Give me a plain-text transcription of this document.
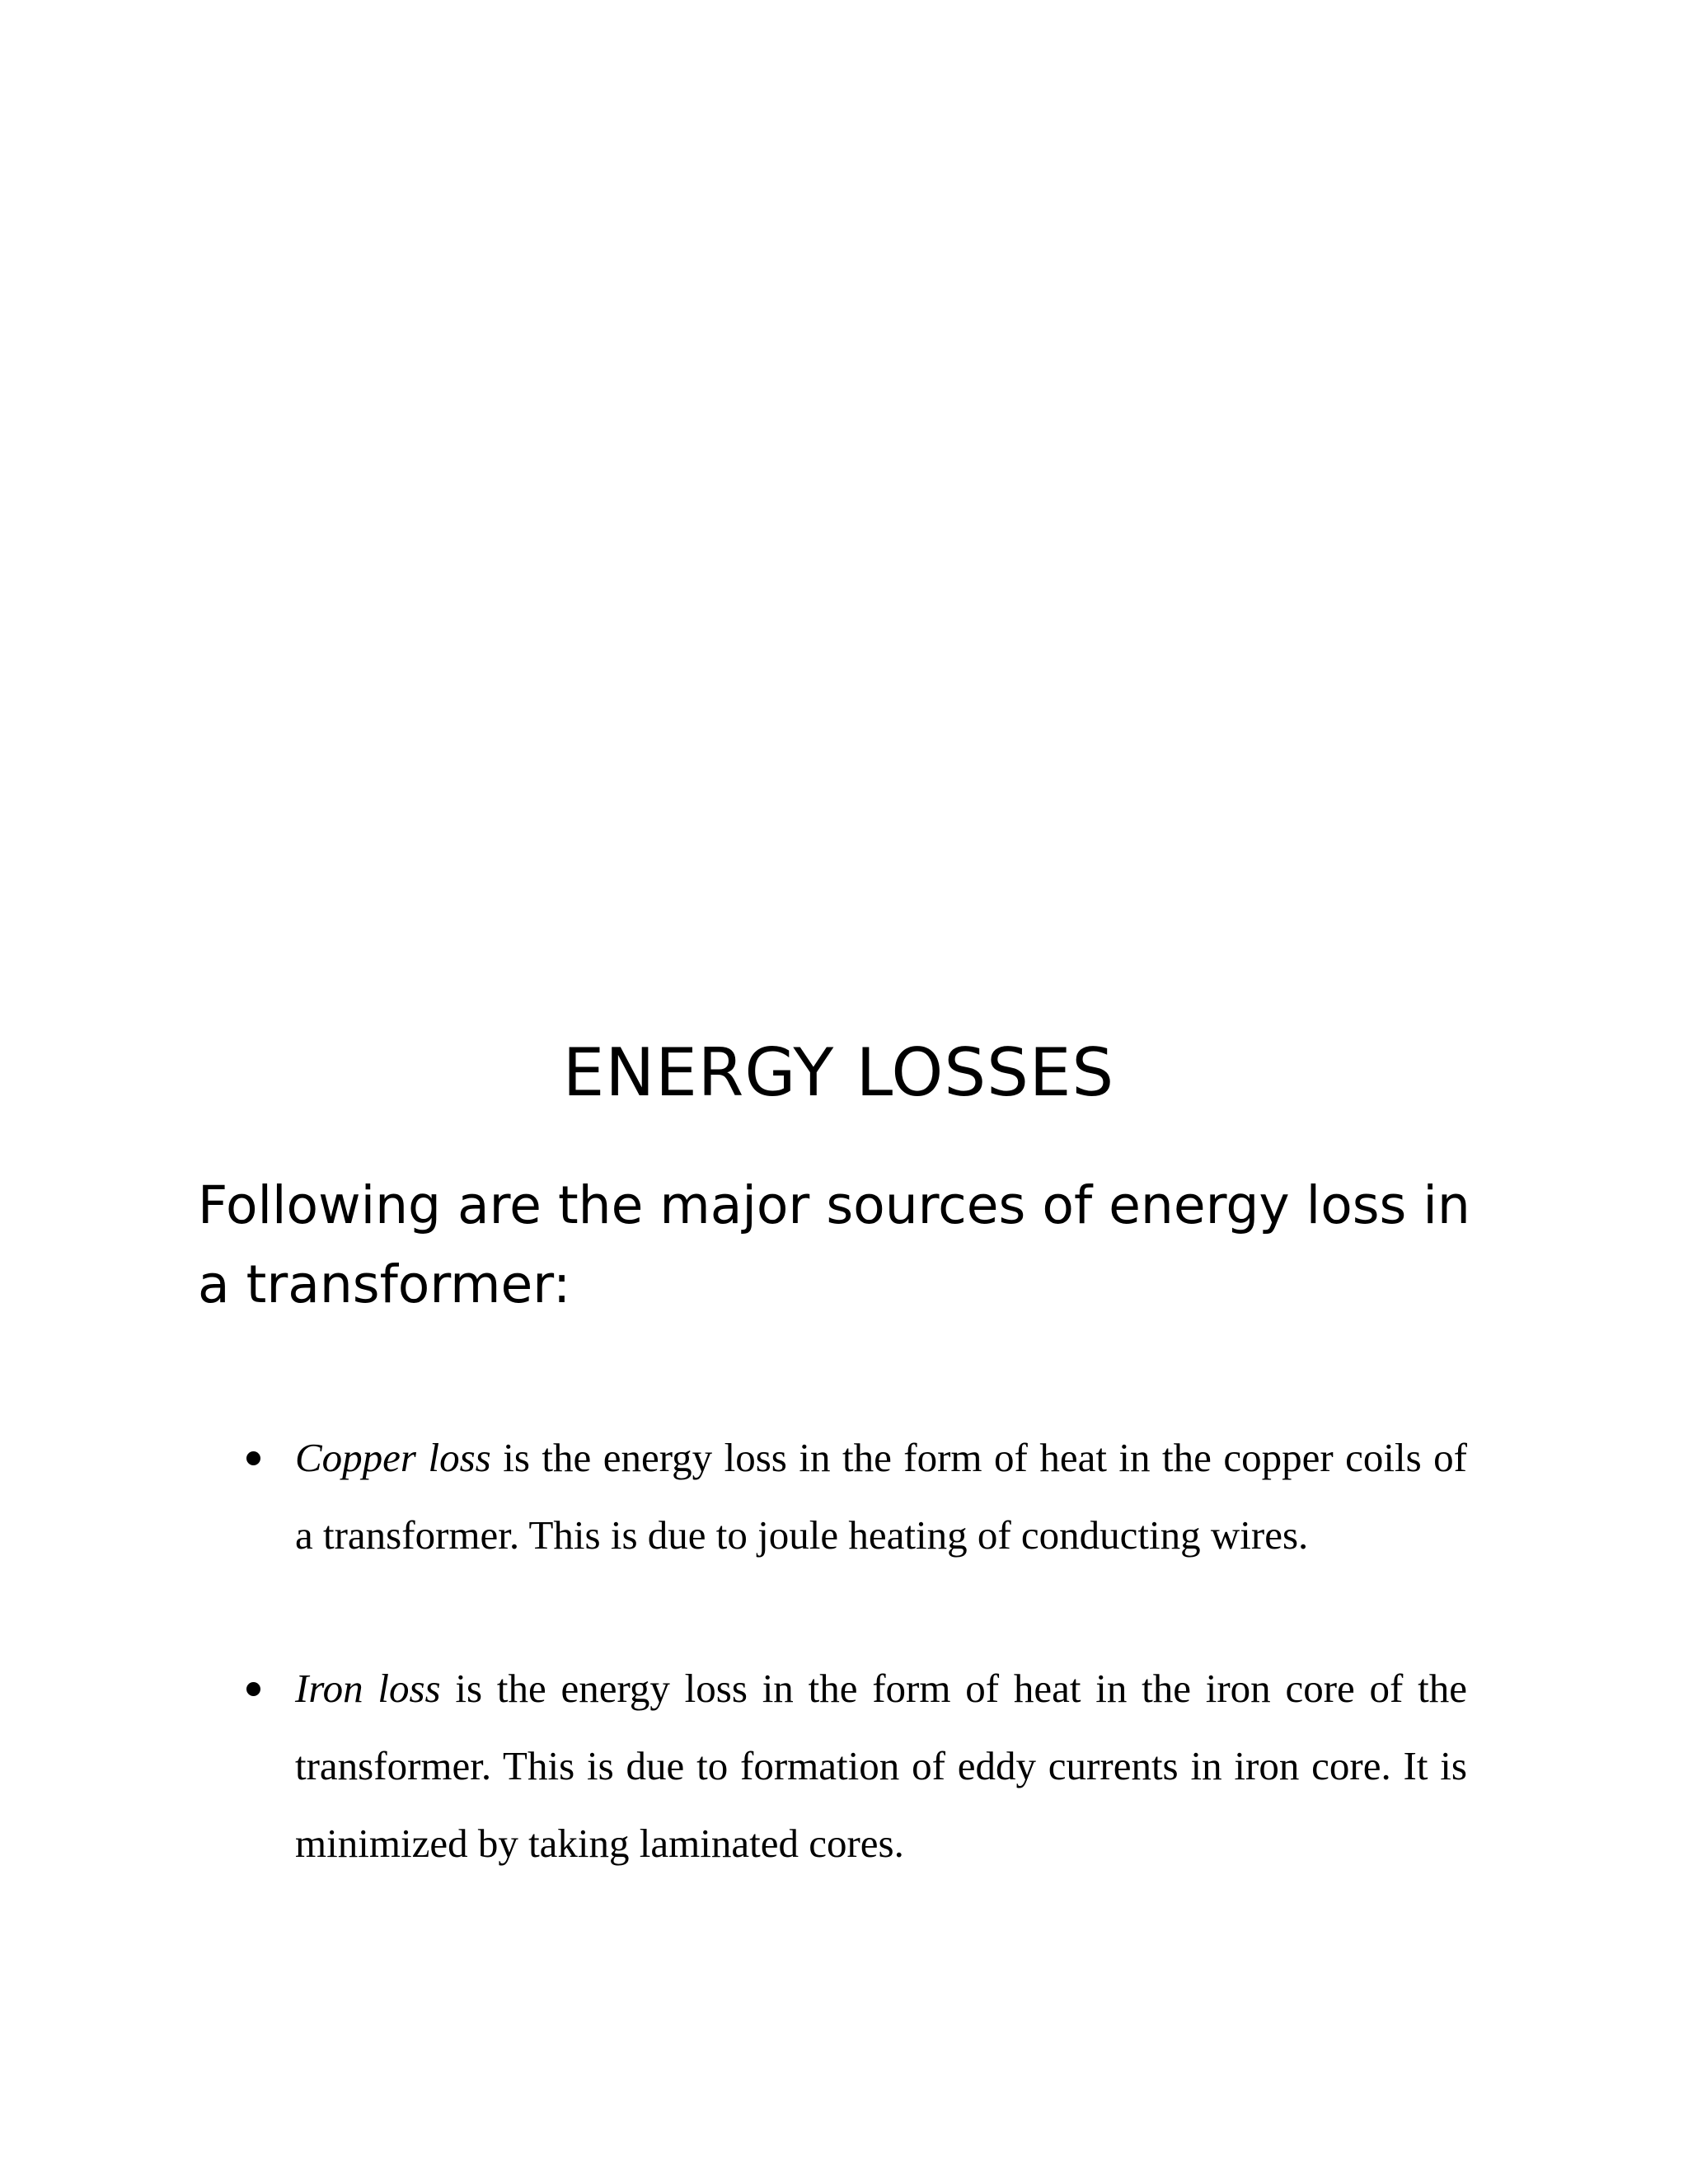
ENERGY LOSSES

Following are the major sources of energy loss in a transformer:

Copper loss is the energy loss in the form of heat in the copper coils of a transformer. This is due to joule heating of conducting wires.
Iron loss is the energy loss in the form of heat in the iron core of the transformer. This is due to formation of eddy currents in iron core. It is minimized by taking laminated cores.
